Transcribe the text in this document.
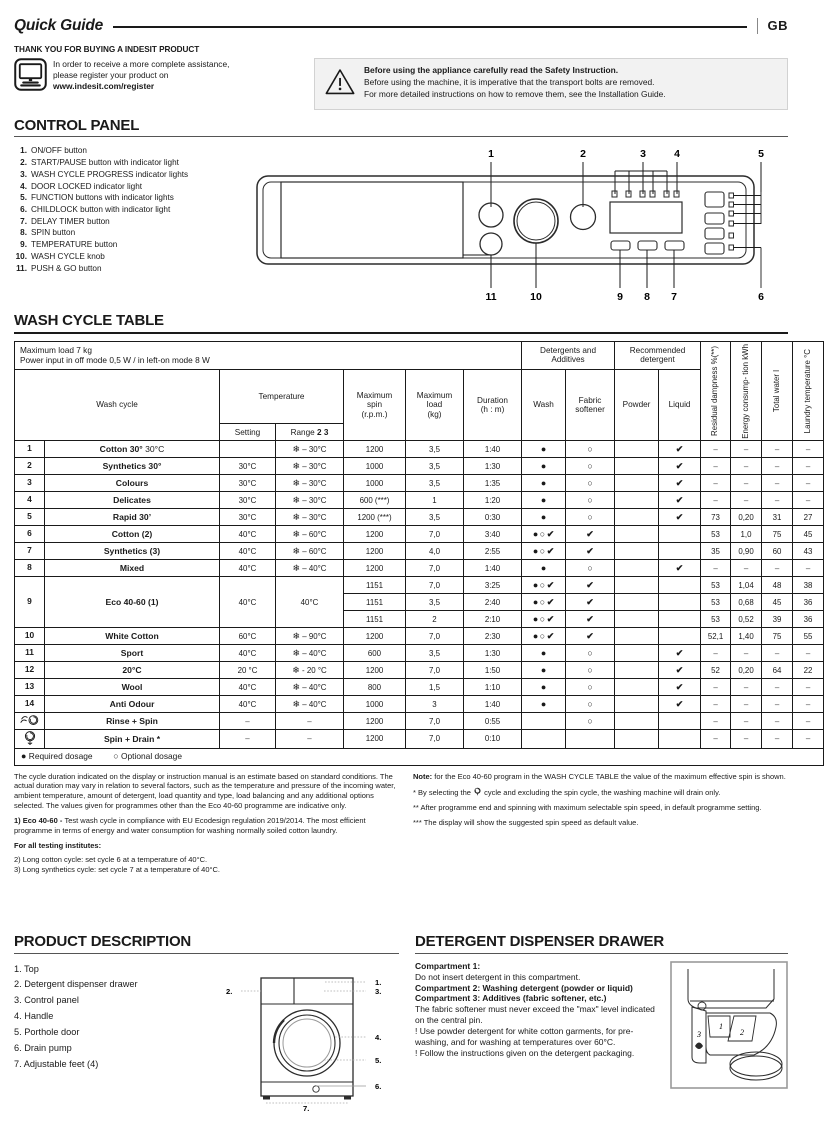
Quick Guide	GB
THANK YOU FOR BUYING A INDESIT PRODUCT
In order to receive a more complete assistance,
please register your product on
www.indesit.com/register
Before using the appliance carefully read the Safety Instruction.
Before using the machine, it is imperative that the transport bolts are removed.
For more detailed instructions on how to remove them, see the Installation Guide.
CONTROL PANEL
1. ON/OFF button
2. START/PAUSE button with indicator light
3. WASH CYCLE PROGRESS indicator lights
4. DOOR LOCKED indicator light
5. FUNCTION buttons with indicator lights
6. CHILDLOCK button with indicator light
7. DELAY TIMER button
8. SPIN button
9. TEMPERATURE button
10. WASH CYCLE knob
11. PUSH & GO button
1	2	3	4	5
11	10	9 8 7	6
WASH CYCLE TABLE
Maximum load 7 kg
Power input in off mode 0,5 W / in left-on mode 8 W							Detergents and
Additives		Recommended
detergent		Residual dampness %(**)	Energy consump- tion kWh	Total water l	Laundry temperature °C

Wash cycle		Temperature		Maximum
spin
(r.p.m.)	Maximum
load
(kg)	Duration
(h : m)	Wash	Fabric
softener	Powder	Liquid				
		Setting	Range 2 3											
1	Cotton 30° 30°C		❄ – 30°C	1200	3,5	1:40	●	○		✔	–	–	–	–
2	Synthetics 30°	30°C	❄ – 30°C	1000	3,5	1:30	●	○		✔	–	–	–	–
3	Colours	30°C	❄ – 30°C	1000	3,5	1:35	●	○		✔	–	–	–	–
4	Delicates	30°C	❄ – 30°C	600 (***)	1	1:20	●	○		✔	–	–	–	–
5	Rapid 30’	30°C	❄ – 30°C	1200 (***)	3,5	0:30	●	○		✔	73	0,20	31	27
6	Cotton (2)	40°C	❄ – 60°C	1200	7,0	3:40	● ○ ✔	✔			53	1,0	75	45
7	Synthetics (3)	40°C	❄ – 60°C	1200	4,0	2:55	● ○ ✔	✔			35	0,90	60	43
8	Mixed	40°C	❄ – 40°C	1200	7,0	1:40	●	○		✔	–	–	–	–
9	Eco 40-60 (1)	40°C	40°C	1151	7,0	3:25	● ○ ✔	✔			53	1,04	48	38
				1151	3,5	2:40	● ○ ✔	✔			53	0,68	45	36
				1151	2	2:10	● ○ ✔	✔			53	0,52	39	36
10	White Cotton	60°C	❄ – 90°C	1200	7,0	2:30	● ○ ✔	✔			52,1	1,40	75	55
11	Sport	40°C	❄ – 40°C	600	3,5	1:30	●	○		✔	–	–	–	–
12	20°C	20 °C	❄ - 20 °C	1200	7,0	1:50	●	○		✔	52	0,20	64	22
13	Wool	40°C	❄ – 40°C	800	1,5	1:10	●	○		✔	–	–	–	–
14	Anti Odour	40°C	❄ – 40°C	1000	3	1:40	●	○		✔	–	–	–	–
	Rinse + Spin	–	–	1200	7,0	0:55		○			–	–	–	–
	Spin + Drain *	–	–	1200	7,0	0:10					–	–	–	–
● Required dosage ○ Optional dosage														

The cycle duration indicated on the display or instruction manual is an estimate based on standard conditions. The actual duration may vary in relation to several factors, such as the temperature and pressure of the incoming water, ambient temperature, amount of detergent, load quantity and type, load balancing and any additional options selected. The values given for programmes other than the Eco 40-60 programme are indicative only.

1) Eco 40-60 - Test wash cycle in compliance with EU Ecodesign regulation 2019/2014. The most efficient programme in terms of energy and water consumption for washing normally soiled cotton laundry.

For all testing institutes:

2) Long cotton cycle: set cycle 6 at a temperature of 40°C.

3) Long synthetics cycle: set cycle 7 at a temperature of 40°C.

Note: for the Eco 40-60 program in the WASH CYCLE TABLE the value of the maximum effective spin is shown.

* By selecting the  cycle and excluding the spin cycle, the washing machine will drain only.

** After programme end and spinning with maximum selectable spin speed, in default programme setting.

*** The display will show the suggested spin speed as default value.

PRODUCT DESCRIPTION
1. Top
2. Detergent dispenser drawer
3. Control panel
4. Handle
5. Porthole door
6. Drain pump
7. Adjustable feet (4)
1.
2.	3.
4.
5.
6.
7.
DETERGENT DISPENSER DRAWER
Compartment 1:
Do not insert detergent in this compartment.
Compartment 2: Washing detergent (powder or liquid)
Compartment 3: Additives (fabric softener, etc.)
The fabric softener must never exceed the "max" level indicated on the central pin.
! Use powder detergent for white cotton garments, for pre-washing, and for washing at temperatures over 60°C.
! Follow the instructions given on the detergent packaging.
1
2
3
